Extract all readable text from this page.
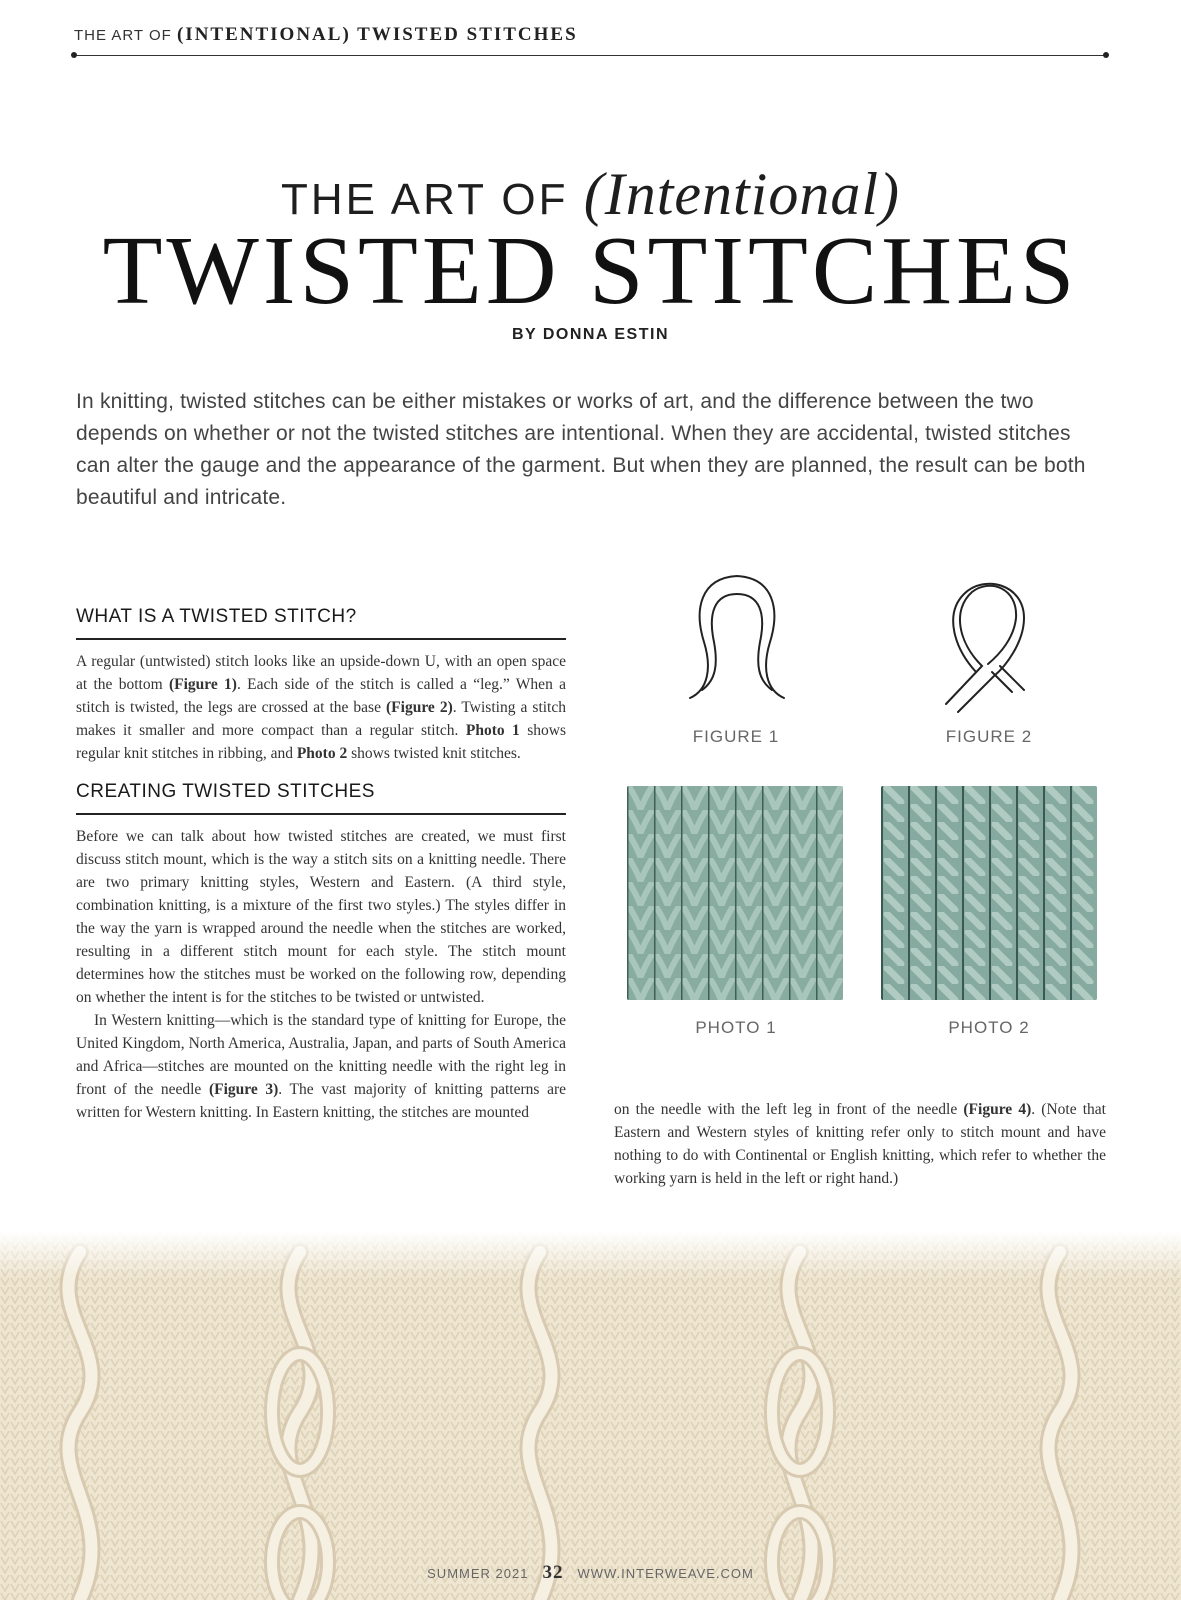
THE ART OF (INTENTIONAL) TWISTED STITCHES
THE ART OF (Intentional)
TWISTED STITCHES
BY DONNA ESTIN

In knitting, twisted stitches can be either mistakes or works of art, and the difference between the two depends on whether or not the twisted stitches are intentional. When they are accidental, twisted stitches can alter the gauge and the appearance of the garment. But when they are planned, the result can be both beautiful and intricate.

WHAT IS A TWISTED STITCH?

A regular (untwisted) stitch looks like an upside-down U, with an open space at the bottom (Figure 1). Each side of the stitch is called a “leg.” When a stitch is twisted, the legs are crossed at the base (Figure 2). Twisting a stitch makes it smaller and more compact than a regular stitch. Photo 1 shows regular knit stitches in ribbing, and Photo 2 shows twisted knit stitches.

CREATING TWISTED STITCHES

Before we can talk about how twisted stitches are created, we must first discuss stitch mount, which is the way a stitch sits on a knitting needle. There are two primary knitting styles, Western and Eastern. (A third style, combination knitting, is a mixture of the first two styles.) The styles differ in the way the yarn is wrapped around the needle when the stitches are worked, resulting in a different stitch mount for each style. The stitch mount determines how the stitches must be worked on the following row, depending on whether the intent is for the stitches to be twisted or untwisted.

In Western knitting—which is the standard type of knitting for Europe, the United Kingdom, North America, Australia, Japan, and parts of South America and Africa—stitches are mounted on the knitting needle with the right leg in front of the needle (Figure 3). The vast majority of knitting patterns are written for Western knitting. In Eastern knitting, the stitches are mounted

FIGURE 1	FIGURE 2
PHOTO 1	PHOTO 2

on the needle with the left leg in front of the needle (Figure 4). (Note that Eastern and Western styles of knitting refer only to stitch mount and have nothing to do with Continental or English knitting, which refer to whether the working yarn is held in the left or right hand.)

SUMMER 2021 32 WWW.INTERWEAVE.COM
